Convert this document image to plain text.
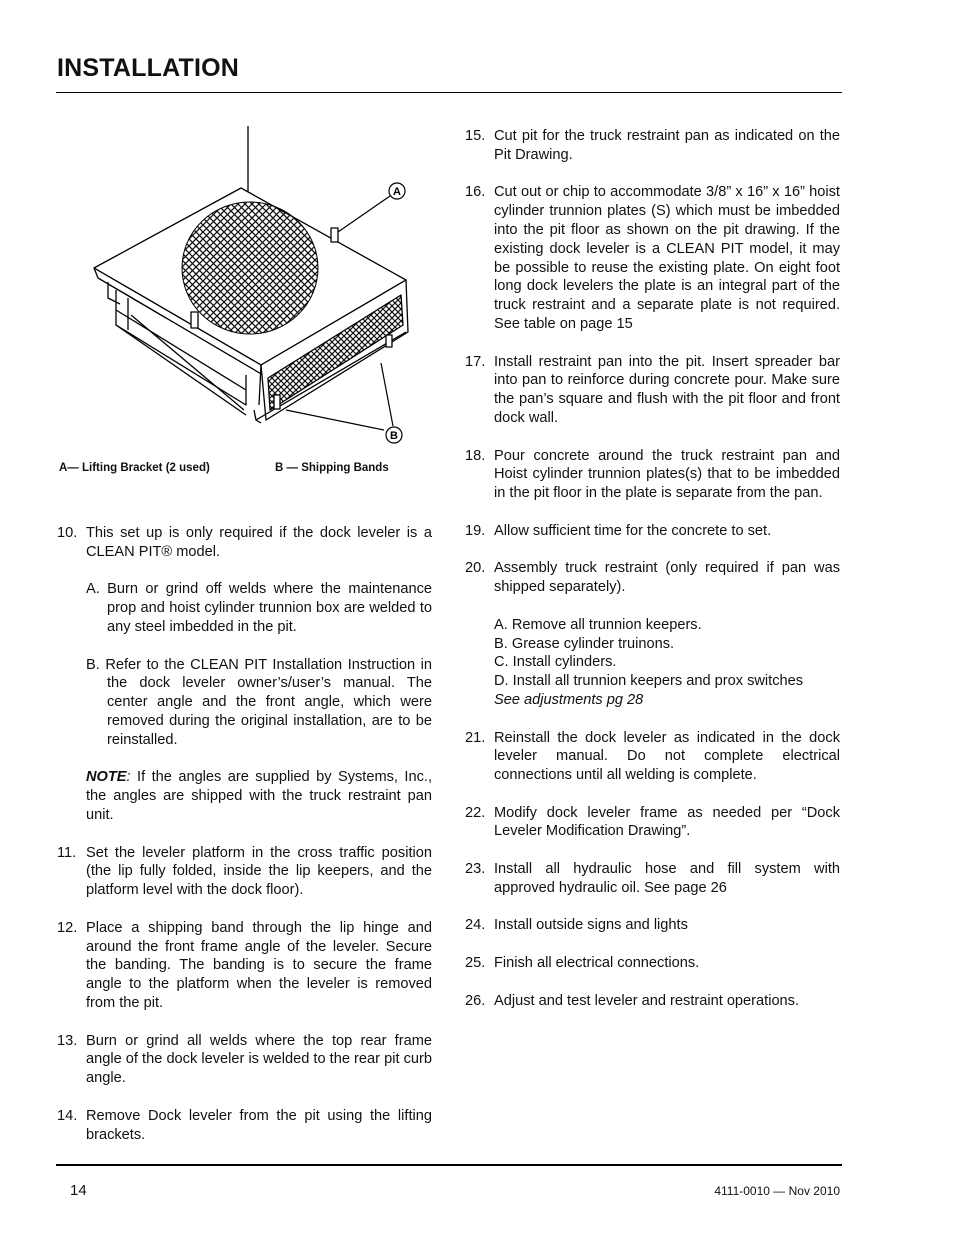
INSTALLATION
A
B
A— Lifting Bracket (2 used)	B — Shipping Bands
10. This set up is only required if the dock leveler is a CLEAN PIT® model.
A. Burn or grind off welds where the maintenance prop and hoist cylinder trunnion box are welded to any steel imbedded in the pit.
B. Refer to the CLEAN PIT Installation Instruction in the dock leveler owner’s/user’s manual. The center angle and the front angle, which were removed during the original installation, are to be reinstalled.
NOTE: If the angles are supplied by Systems, Inc., the angles are shipped with the truck restraint pan unit.
11. Set the leveler platform in the cross traffic position (the lip fully folded, inside the lip keepers, and the platform level with the dock floor).
12. Place a shipping band through the lip hinge and around the front frame angle of the leveler. Secure the banding. The banding is to secure the frame angle to the platform when the leveler is removed from the pit.
13. Burn or grind all welds where the top rear frame angle of the dock leveler is welded to the rear pit curb angle.
14. Remove Dock leveler from the pit using the lifting brackets.
15. Cut pit for the truck restraint pan as indicated on the Pit Drawing.
16. Cut out or chip to accommodate 3/8” x 16” x 16” hoist cylinder trunnion plates (S) which must be imbedded into the pit floor as shown on the pit drawing. If the existing dock leveler is a CLEAN PIT model, it may be possible to reuse the existing plate. On eight foot long dock levelers the plate is an integral part of the truck restraint and a separate plate is not required. See table on page 15
17. Install restraint pan into the pit. Insert spreader bar into pan to reinforce during concrete pour. Make sure the pan’s square and flush with the pit floor and front dock wall.
18. Pour concrete around the truck restraint pan and Hoist cylinder trunnion plates(s) that to be imbedded in the pit floor in the plate is separate from the pan.
19. Allow sufficient time for the concrete to set.
20. Assembly truck restraint (only required if pan was shipped separately).
A. Remove all trunnion keepers.
B. Grease cylinder truinons.
C. Install cylinders.
D. Install all trunnion keepers and prox switches
See adjustments pg 28
21. Reinstall the dock leveler as indicated in the dock leveler manual. Do not complete electrical connections until all welding is complete.
22. Modify dock leveler frame as needed per “Dock Leveler Modification Drawing”.
23. Install all hydraulic hose and fill system with approved hydraulic oil. See page 26
24. Install outside signs and lights
25. Finish all electrical connections.
26. Adjust and test leveler and restraint operations.
14	4111-0010 — Nov 2010
